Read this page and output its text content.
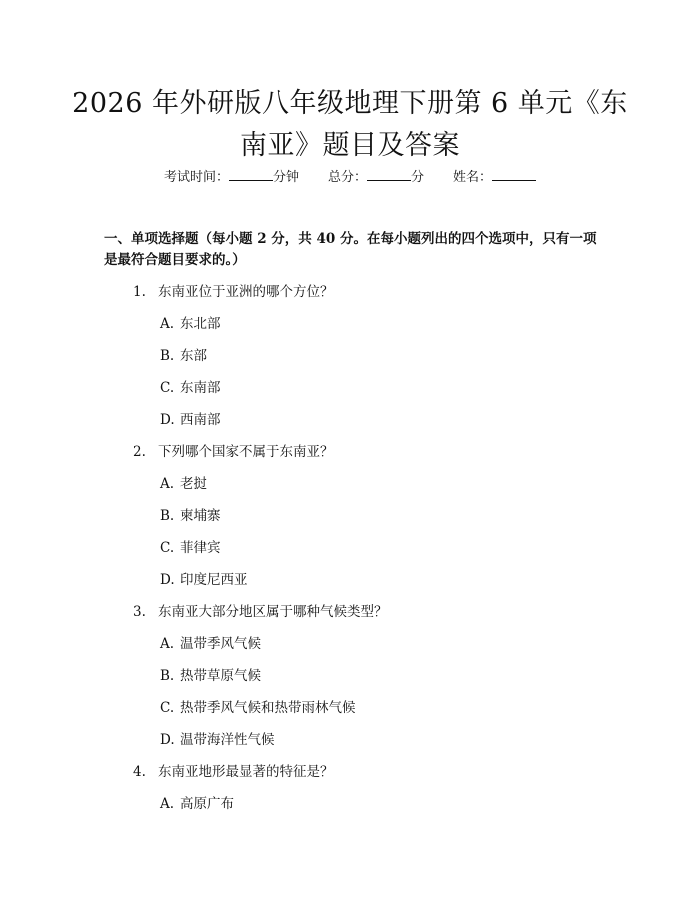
2026 年外研版八年级地理下册第 6 单元《东
南亚》题目及答案
考试时间：	分钟 总分：	分 姓名：
一、单项选择题（每小题 2 分，共 40 分。在每小题列出的四个选项中，只有一项是最符合题目要求的。）
1. 东南亚位于亚洲的哪个方位？
A. 东北部
B. 东部
C. 东南部
D. 西南部
2. 下列哪个国家不属于东南亚？
A. 老挝
B. 柬埔寨
C. 菲律宾
D. 印度尼西亚
3. 东南亚大部分地区属于哪种气候类型？
A. 温带季风气候
B. 热带草原气候
C. 热带季风气候和热带雨林气候
D. 温带海洋性气候
4. 东南亚地形最显著的特征是？
A. 高原广布
